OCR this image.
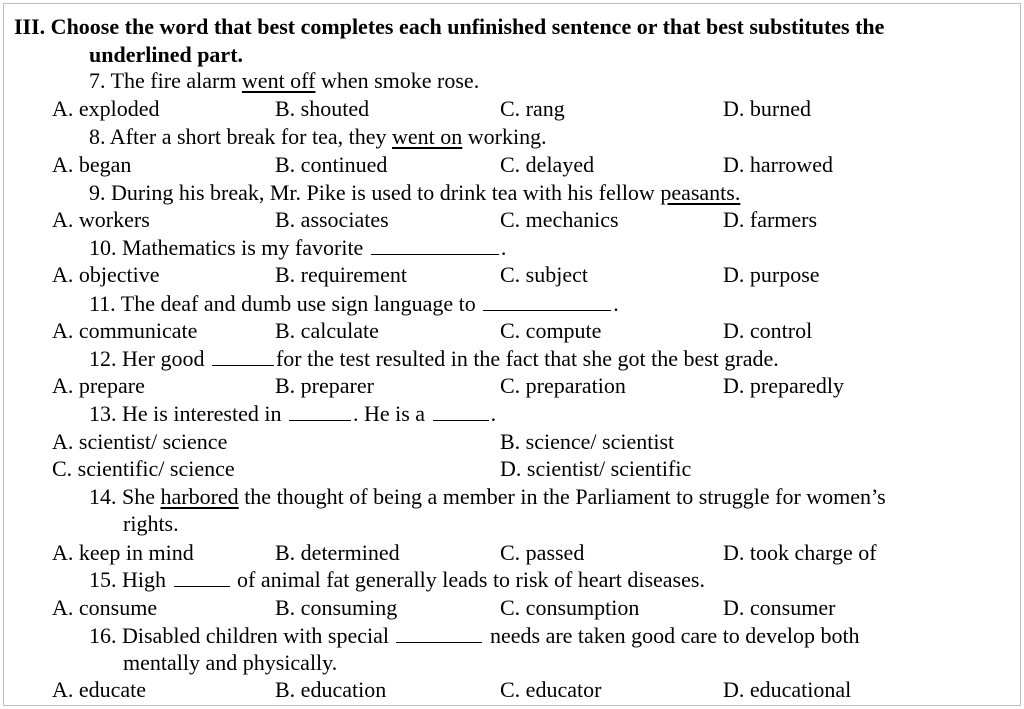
III. Choose the word that best completes each unfinished sentence or that best substitutes the
underlined part.
7. The fire alarm went off when smoke rose.
A. exploded	B. shouted	C. rang	D. burned
8. After a short break for tea, they went on working.
A. began	B. continued	C. delayed	D. harrowed
9. During his break, Mr. Pike is used to drink tea with his fellow peasants.
A. workers	B. associates	C. mechanics	D. farmers
10. Mathematics is my favorite	.
A. objective	B. requirement	C. subject	D. purpose
11. The deaf and dumb use sign language to	.
A. communicate	B. calculate	C. compute	D. control
12. Her good	for the test resulted in the fact that she got the best grade.
A. prepare	B. preparer	C. preparation	D. preparedly
13. He is interested in	. He is a	.
A. scientist/ science	B. science/ scientist
C. scientific/ science	D. scientist/ scientific
14. She harbored the thought of being a member in the Parliament to struggle for women’s
rights.
A. keep in mind	B. determined	C. passed	D. took charge of
15. High	of animal fat generally leads to risk of heart diseases.
A. consume	B. consuming	C. consumption	D. consumer
16. Disabled children with special	needs are taken good care to develop both
mentally and physically.
A. educate	B. education	C. educator	D. educational
